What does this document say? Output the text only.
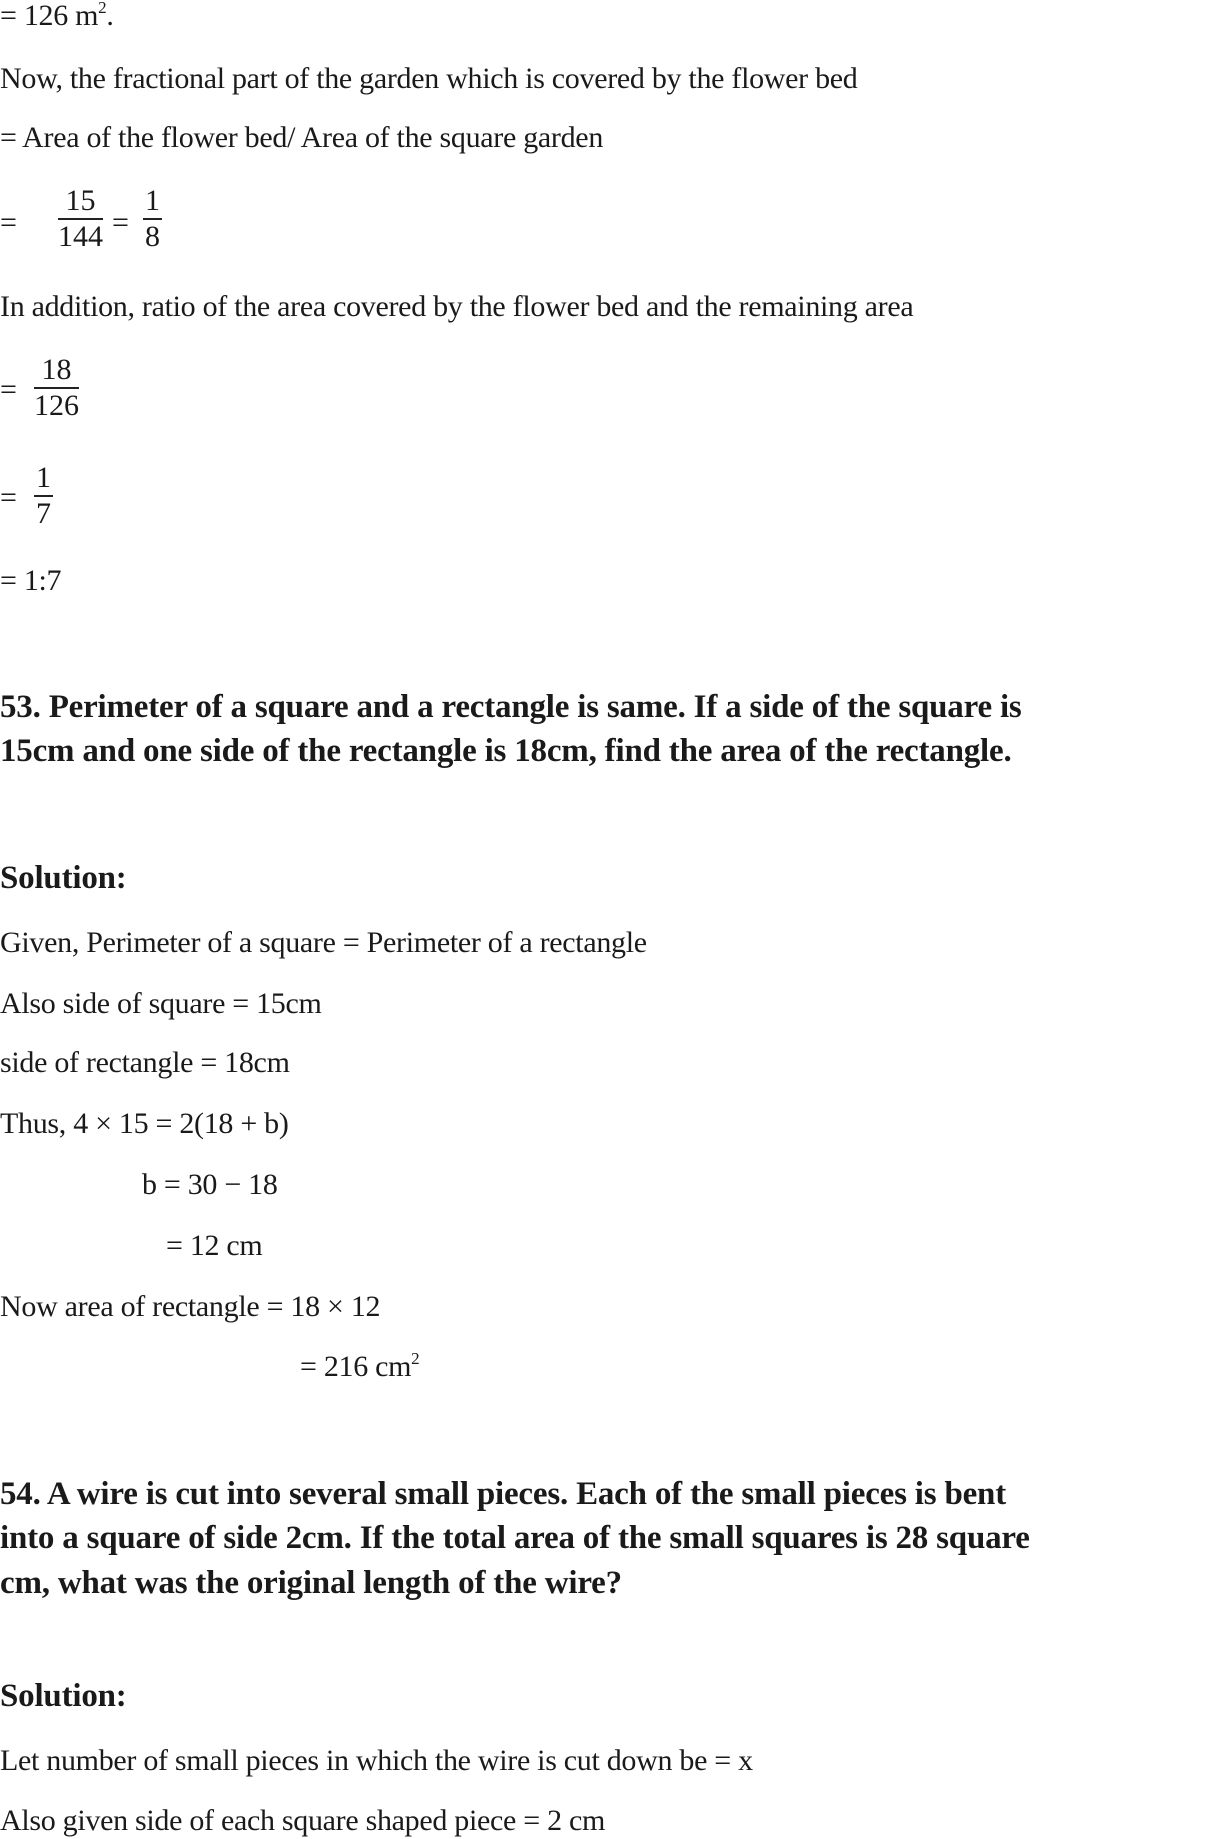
= 126 $m^2$.
Now, the fractional part of the garden which is covered by the flower bed
= Area of the flower bed/ Area of the square garden
= $\frac{15}{144} = \frac{1}{8}$
In addition, ratio of the area covered by the flower bed and the remaining area
= $\frac{18}{126}$
= $\frac{1}{7}$
= 1:7
53. Perimeter of a square and a rectangle is same. If a side of the square is
15cm and one side of the rectangle is 18cm, find the area of the rectangle.
Solution:
Given, Perimeter of a square = Perimeter of a rectangle
Also side of square = 15cm
side of rectangle = 18cm
Thus, 4 × 15 = 2(18 + b)
b = 30 − 18
= 12 cm
Now area of rectangle = 18 × 12
= 216 $cm^2$
54. A wire is cut into several small pieces. Each of the small pieces is bent
into a square of side 2cm. If the total area of the small squares is 28 square
cm, what was the original length of the wire?
Solution:
Let number of small pieces in which the wire is cut down be = x
Also given side of each square shaped piece = 2 cm
